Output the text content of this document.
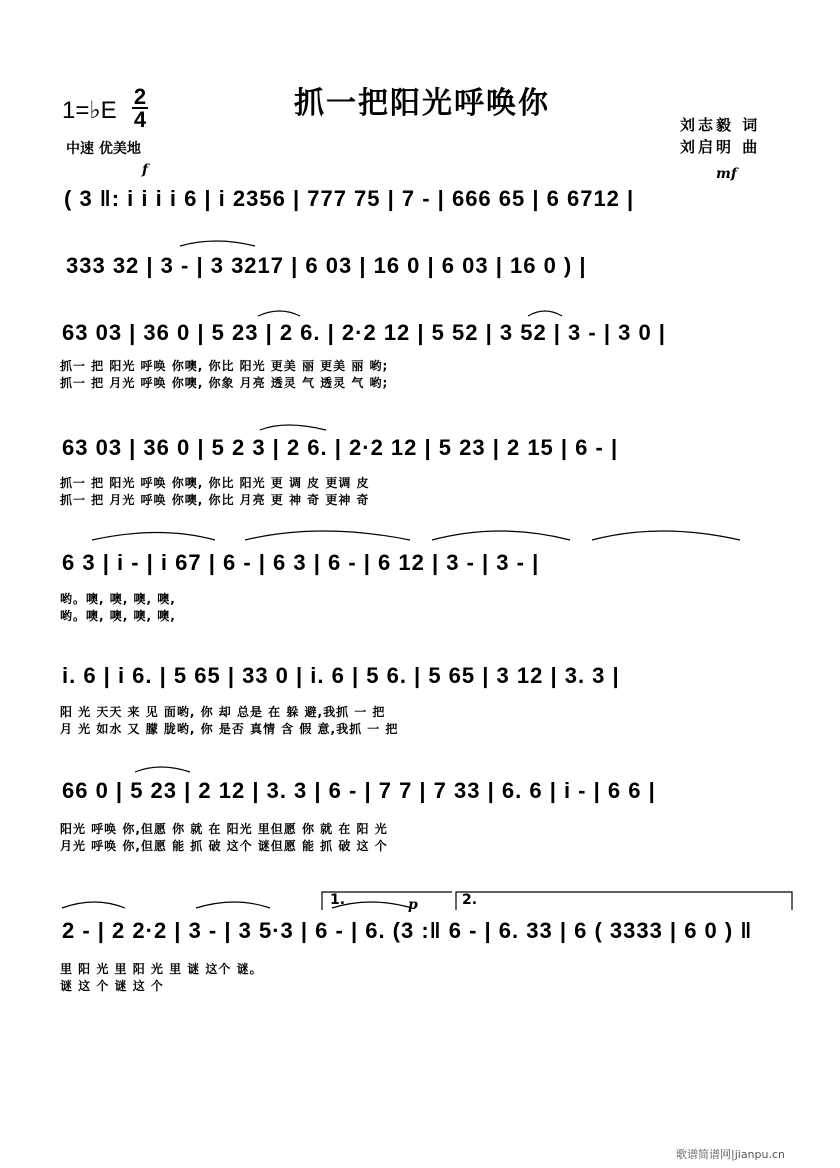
1=♭E
2
4	抓一把阳光呼唤你
中速 优美地
刘志毅 词
刘启明 曲
f	mf
p
( 3 ‖: i i i i 6 | i 2356 | 777 75 | 7 - | 666 65 | 6 6712 |
333 32 | 3 - | 3 3217 | 6 03 | 16 0 | 6 03 | 16 0 ) |
63 03 | 36 0 | 5 23 | 2 6. | 2·2 12 | 5 52 | 3 52 | 3 - | 3 0 |
抓一 把 阳光 呼唤 你噢, 你比 阳光 更美 丽 更美 丽 哟;
抓一 把 月光 呼唤 你噢, 你象 月亮 透灵 气 透灵 气 哟;
63 03 | 36 0 | 5 2 3 | 2 6. | 2·2 12 | 5 23 | 2 15 | 6 - |
抓一 把 阳光 呼唤 你噢, 你比 阳光 更 调 皮 更调 皮
抓一 把 月光 呼唤 你噢, 你比 月亮 更 神 奇 更神 奇
6 3 | i - | i 67 | 6 - | 6 3 | 6 - | 6 12 | 3 - | 3 - |
哟。噢, 噢, 噢, 噢,
哟。噢, 噢, 噢, 噢,
i. 6 | i 6. | 5 65 | 33 0 | i. 6 | 5 6. | 5 65 | 3 12 | 3. 3 |
阳 光 天天 来 见 面哟, 你 却 总是 在 躲 避,我抓 一 把
月 光 如水 又 朦 胧哟, 你 是否 真情 含 假 意,我抓 一 把
66 0 | 5 23 | 2 12 | 3. 3 | 6 - | 7 7 | 7 33 | 6. 6 | i - | 6 6 |
阳光 呼唤 你,但愿 你 就 在 阳光 里但愿 你 就 在 阳 光
月光 呼唤 你,但愿 能 抓 破 这个 谜但愿 能 抓 破 这 个
1.	2.
2 - | 2 2·2 | 3 - | 3 5·3 | 6 - | 6. (3 :‖ 6 - | 6. 33 | 6 ( 3333 | 6 0 ) ‖
里 阳 光 里 阳 光 里 谜 这个 谜。
谜 这 个 谜 这 个
歌谱简谱网|jianpu.cn
